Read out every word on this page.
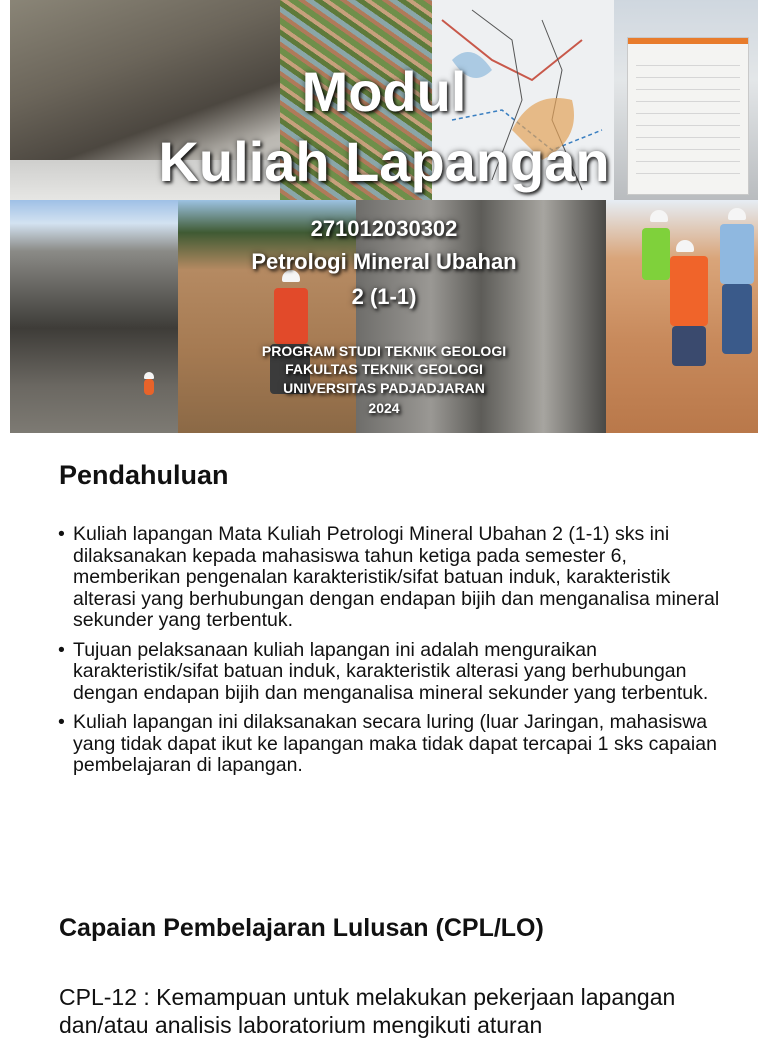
Modul
Kuliah Lapangan
271012030302
Petrologi Mineral Ubahan
2 (1-1)
PROGRAM STUDI TEKNIK GEOLOGI
FAKULTAS TEKNIK GEOLOGI
UNIVERSITAS PADJADJARAN
2024
Pendahuluan
• Kuliah lapangan Mata Kuliah Petrologi Mineral Ubahan 2 (1-1) sks ini dilaksanakan kepada mahasiswa tahun ketiga pada semester 6, memberikan pengenalan karakteristik/sifat batuan induk, karakteristik alterasi yang berhubungan dengan endapan bijih dan menganalisa mineral sekunder yang terbentuk.
• Tujuan pelaksanaan kuliah lapangan ini adalah menguraikan karakteristik/sifat batuan induk, karakteristik alterasi yang berhubungan dengan endapan bijih dan menganalisa mineral sekunder yang terbentuk.
• Kuliah lapangan ini dilaksanakan secara luring (luar Jaringan, mahasiswa yang tidak dapat ikut ke lapangan maka tidak dapat tercapai 1 sks capaian pembelajaran di lapangan.
Capaian Pembelajaran Lulusan (CPL/LO)
CPL-12 : Kemampuan untuk melakukan pekerjaan lapangan dan/atau analisis laboratorium mengikuti aturan
